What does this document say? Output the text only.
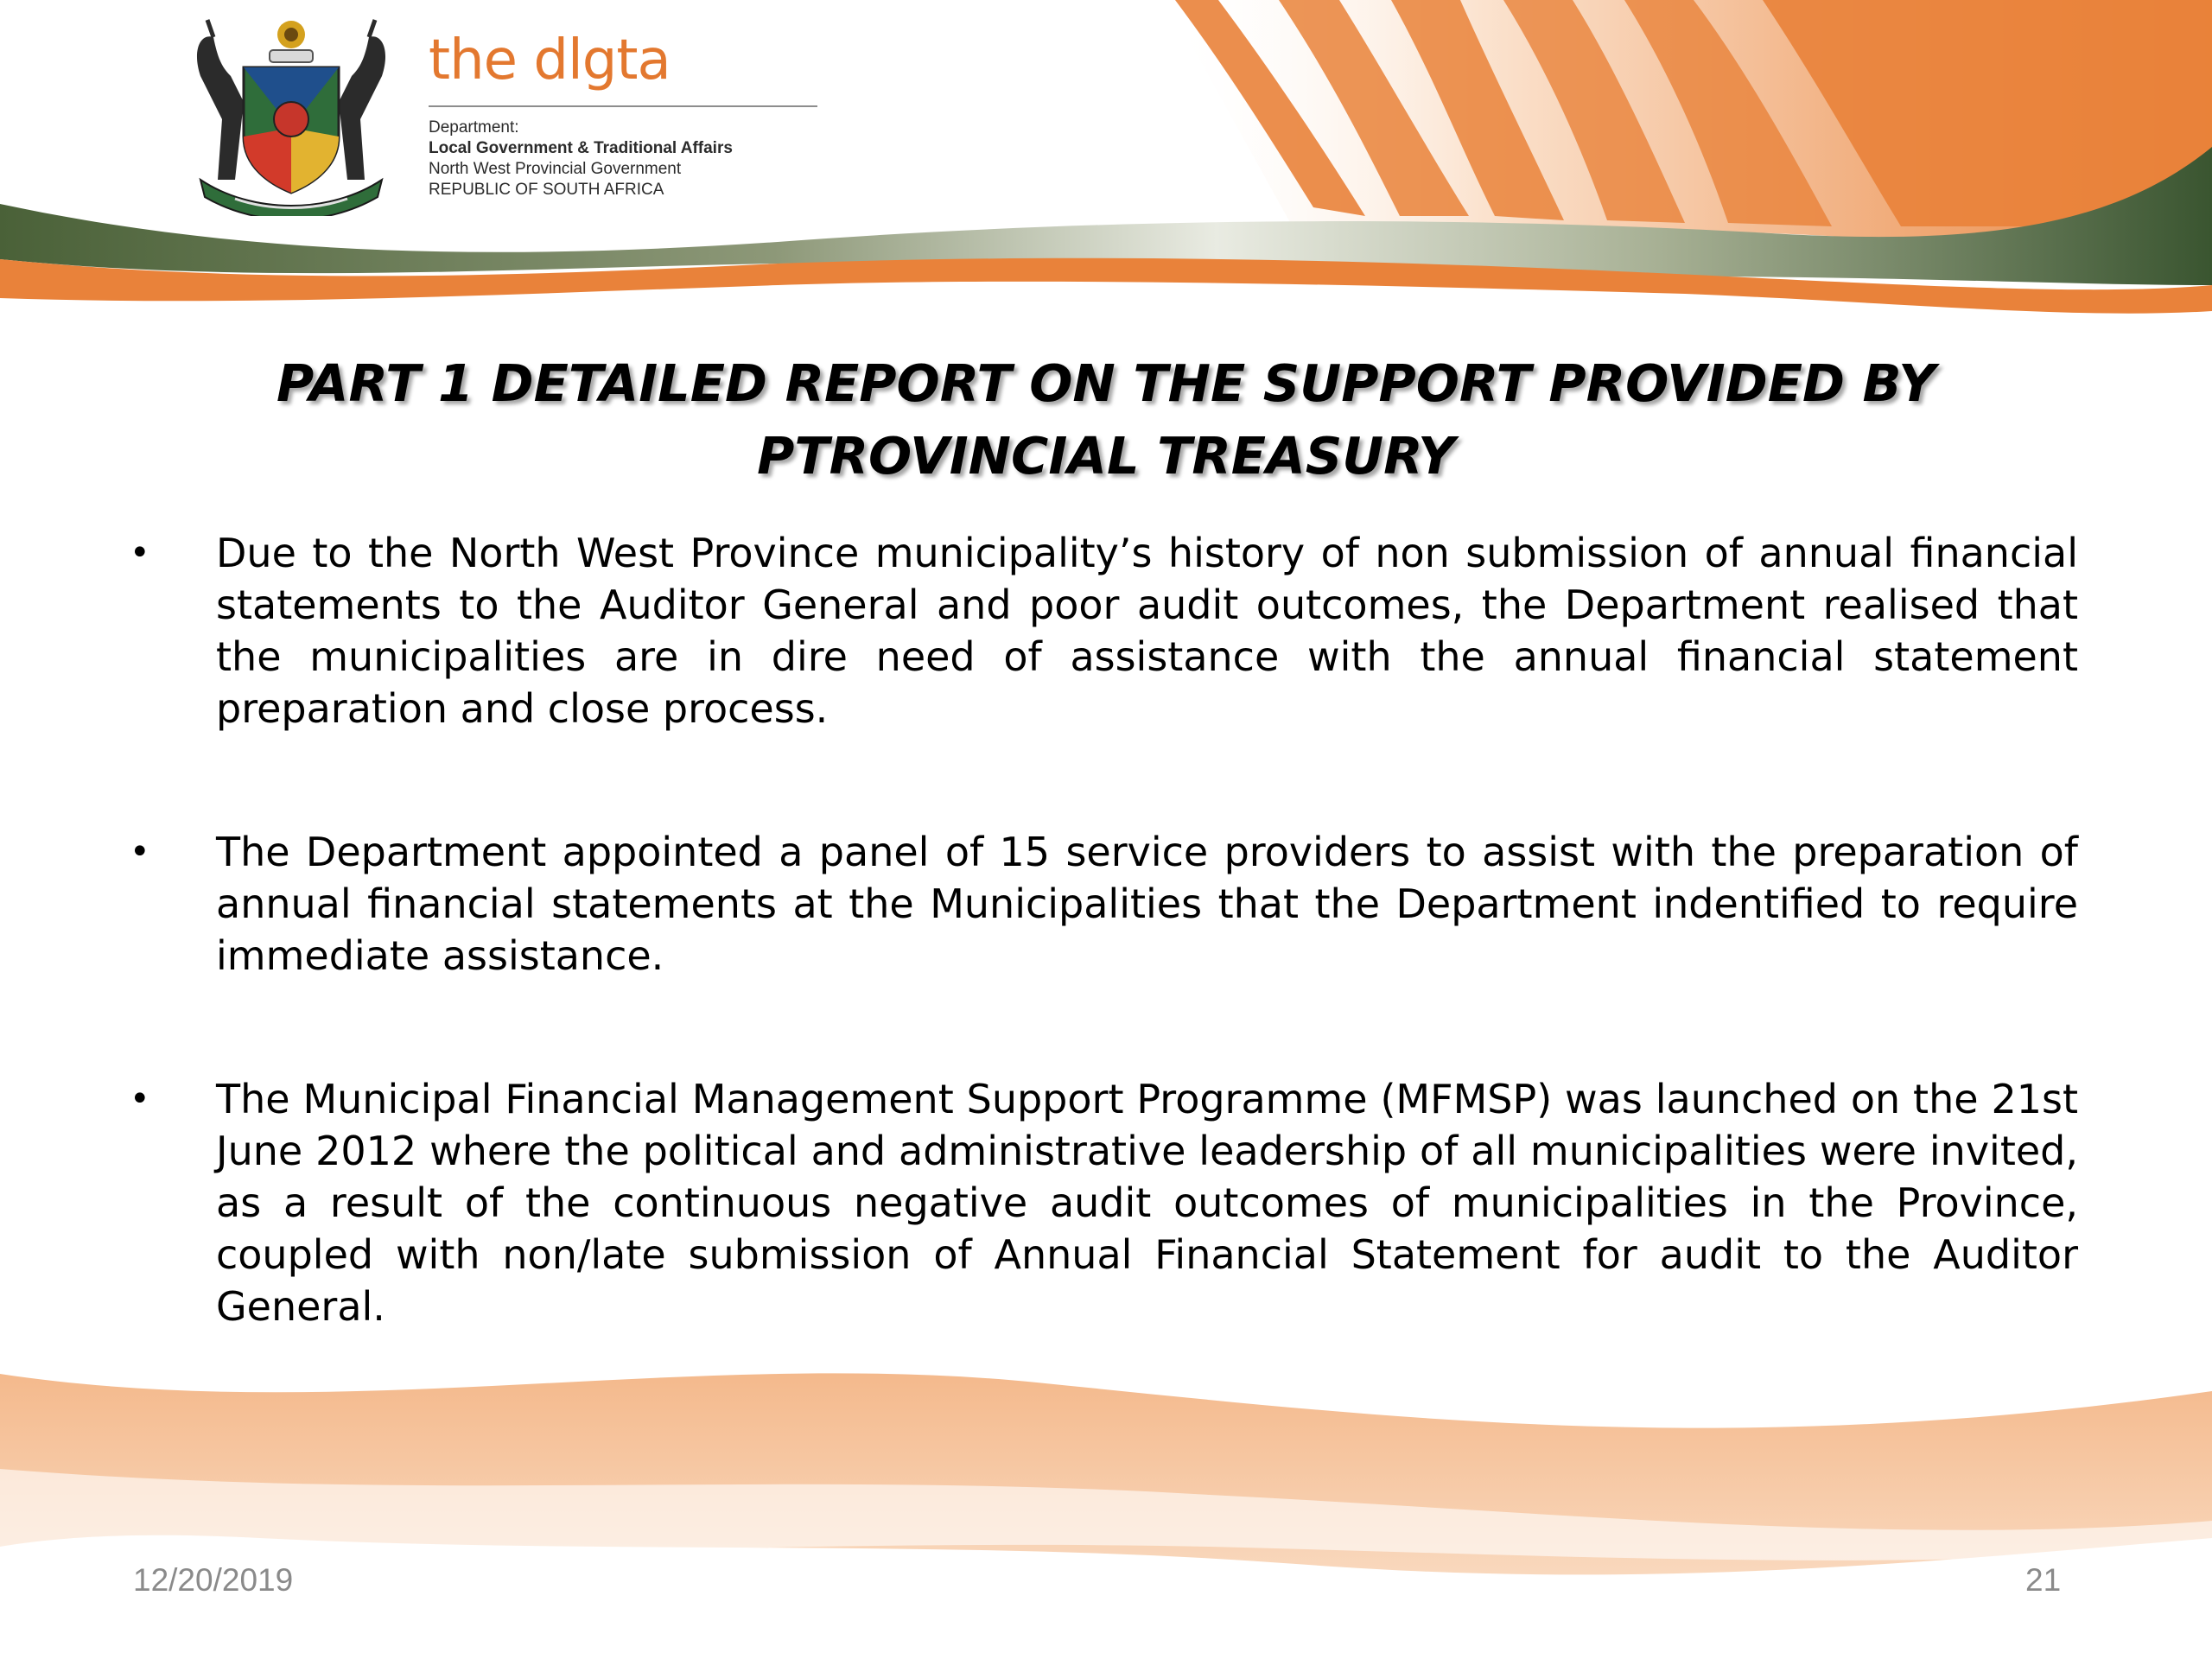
the dlgta
Department:
Local Government & Traditional Affairs
North West Provincial Government
REPUBLIC OF SOUTH AFRICA
PART 1 DETAILED REPORT ON THE SUPPORT PROVIDED BY
PTROVINCIAL TREASURY
• Due to the North West Province municipality’s history of non submission of annual financial statements to the Auditor General and poor audit outcomes, the Department realised that the municipalities are in dire need of assistance with the annual financial statement preparation and close process.
• The Department appointed a panel of 15 service providers to assist with the preparation of annual financial statements at the Municipalities that the Department indentified to require immediate assistance.
• The Municipal Financial Management Support Programme (MFMSP) was launched on the 21st June 2012 where the political and administrative leadership of all municipalities were invited, as a result of the continuous negative audit outcomes of municipalities in the Province, coupled with non/late submission of Annual Financial Statement for audit to the Auditor General.
12/20/2019	21
